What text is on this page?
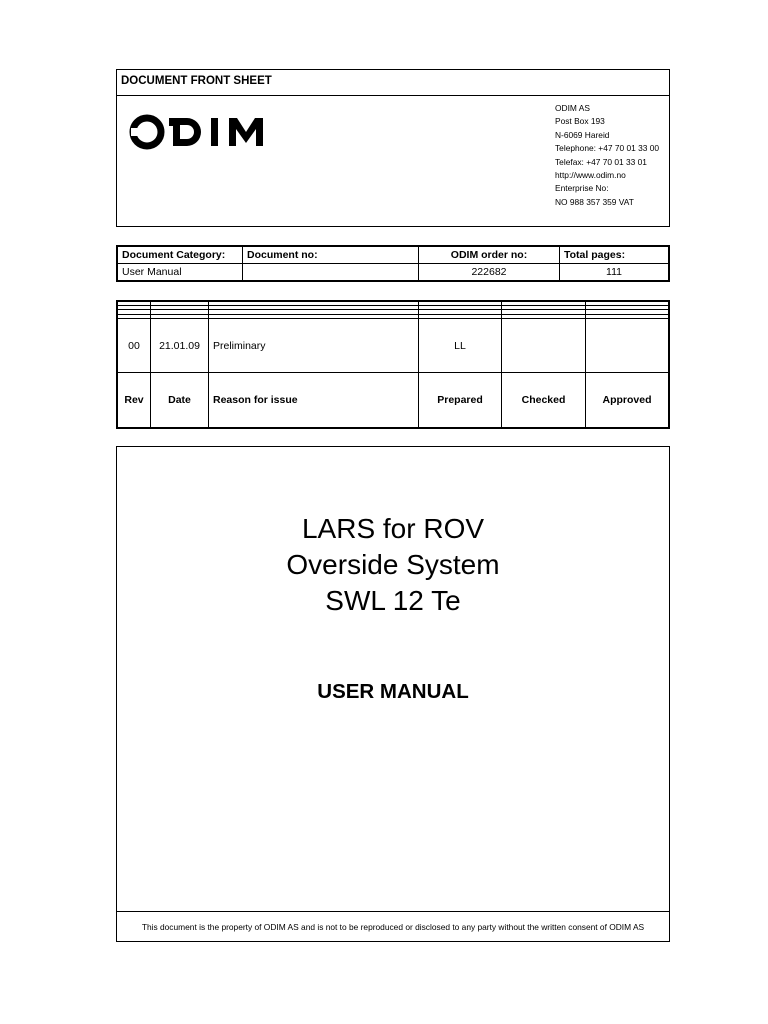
DOCUMENT FRONT SHEET
ODIM AS
Post Box 193
N-6069 Hareid
Telephone: +47 70 01 33 00
Telefax: +47 70 01 33 01
http://www.odim.no
Enterprise No:
NO 988 357 359 VAT
Document Category:	Document no:	ODIM order no:	Total pages:
User Manual		222682	111

00	21.01.09	Preliminary	LL		
Rev	Date	Reason for issue	Prepared	Checked	Approved
LARS for ROV
Overside System
SWL 12 Te
USER MANUAL
This document is the property of ODIM AS and is not to be reproduced or disclosed to any party without the written consent of ODIM AS
